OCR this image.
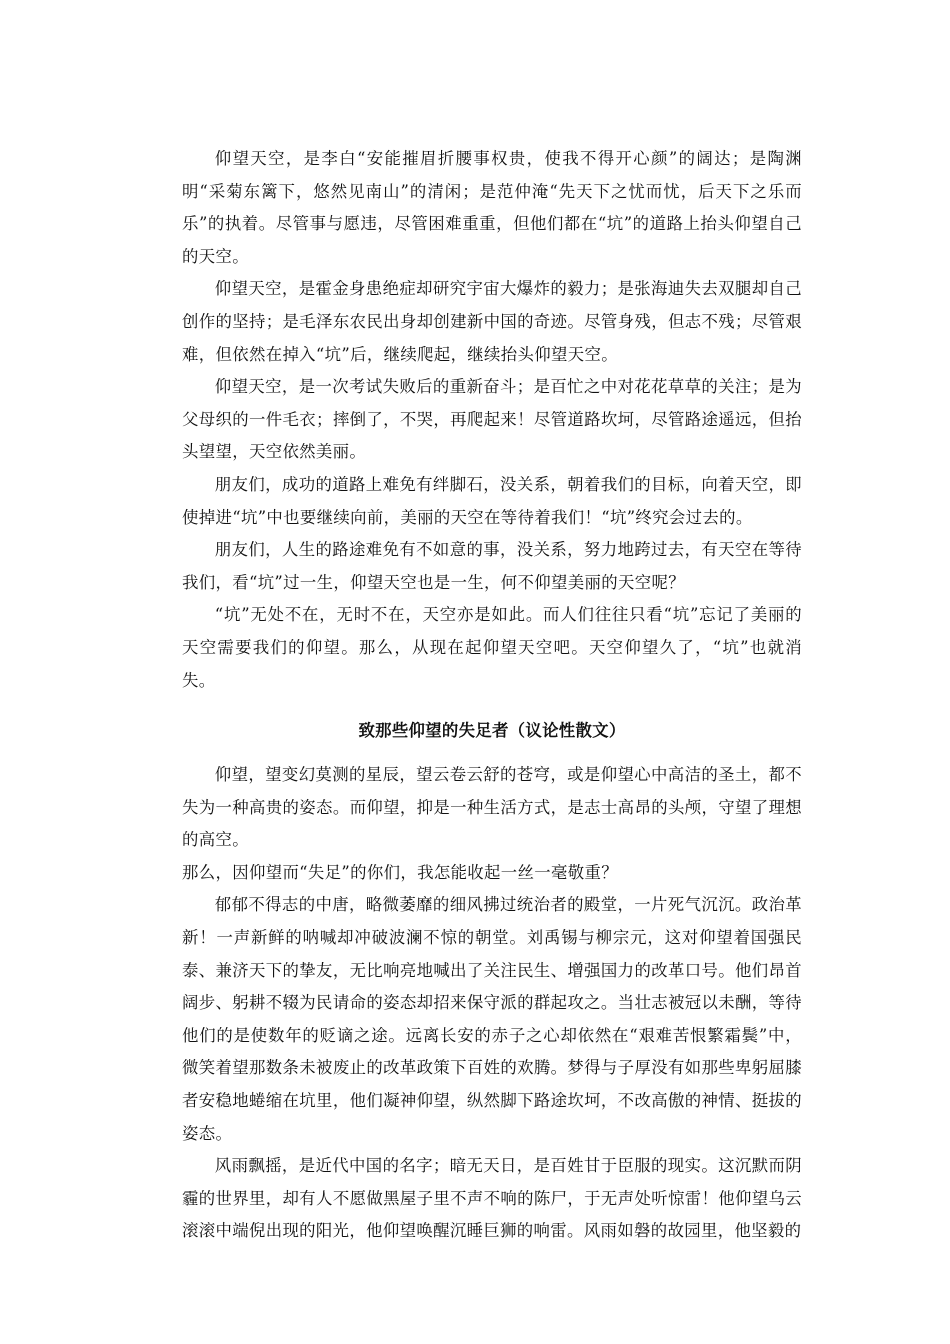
仰望天空，是李白“安能摧眉折腰事权贵，使我不得开心颜”的阔达；是陶渊明“采菊东篱下，悠然见南山”的清闲；是范仲淹“先天下之忧而忧，后天下之乐而乐”的执着。尽管事与愿违，尽管困难重重，但他们都在“坑”的道路上抬头仰望自己的天空。

仰望天空，是霍金身患绝症却研究宇宙大爆炸的毅力；是张海迪失去双腿却自己创作的坚持；是毛泽东农民出身却创建新中国的奇迹。尽管身残，但志不残；尽管艰难，但依然在掉入“坑”后，继续爬起，继续抬头仰望天空。

仰望天空，是一次考试失败后的重新奋斗；是百忙之中对花花草草的关注；是为父母织的一件毛衣；摔倒了，不哭，再爬起来！尽管道路坎坷，尽管路途遥远，但抬头望望，天空依然美丽。

朋友们，成功的道路上难免有绊脚石，没关系，朝着我们的目标，向着天空，即使掉进“坑”中也要继续向前，美丽的天空在等待着我们！“坑”终究会过去的。

朋友们，人生的路途难免有不如意的事，没关系，努力地跨过去，有天空在等待我们，看“坑”过一生，仰望天空也是一生，何不仰望美丽的天空呢？

“坑”无处不在，无时不在，天空亦是如此。而人们往往只看“坑”忘记了美丽的天空需要我们的仰望。那么，从现在起仰望天空吧。天空仰望久了，“坑”也就消失。

致那些仰望的失足者（议论性散文）

仰望，望变幻莫测的星辰，望云卷云舒的苍穹，或是仰望心中高洁的圣土，都不失为一种高贵的姿态。而仰望，抑是一种生活方式，是志士高昂的头颅，守望了理想的高空。

那么，因仰望而“失足”的你们，我怎能收起一丝一毫敬重？

郁郁不得志的中唐，略微萎靡的细风拂过统治者的殿堂，一片死气沉沉。政治革新！一声新鲜的呐喊却冲破波澜不惊的朝堂。刘禹锡与柳宗元，这对仰望着国强民泰、兼济天下的挚友，无比响亮地喊出了关注民生、增强国力的改革口号。他们昂首阔步、躬耕不辍为民请命的姿态却招来保守派的群起攻之。当壮志被冠以未酬，等待他们的是使数年的贬谪之途。远离长安的赤子之心却依然在“艰难苦恨繁霜鬓”中，微笑着望那数条未被废止的改革政策下百姓的欢腾。梦得与子厚没有如那些卑躬屈膝者安稳地蜷缩在坑里，他们凝神仰望，纵然脚下路途坎坷，不改高傲的神情、挺拔的姿态。

风雨飘摇，是近代中国的名字；暗无天日，是百姓甘于臣服的现实。这沉默而阴霾的世界里，却有人不愿做黑屋子里不声不响的陈尸，于无声处听惊雷！他仰望乌云滚滚中端倪出现的阳光，他仰望唤醒沉睡巨狮的响雷。风雨如磐的故园里，他坚毅的
